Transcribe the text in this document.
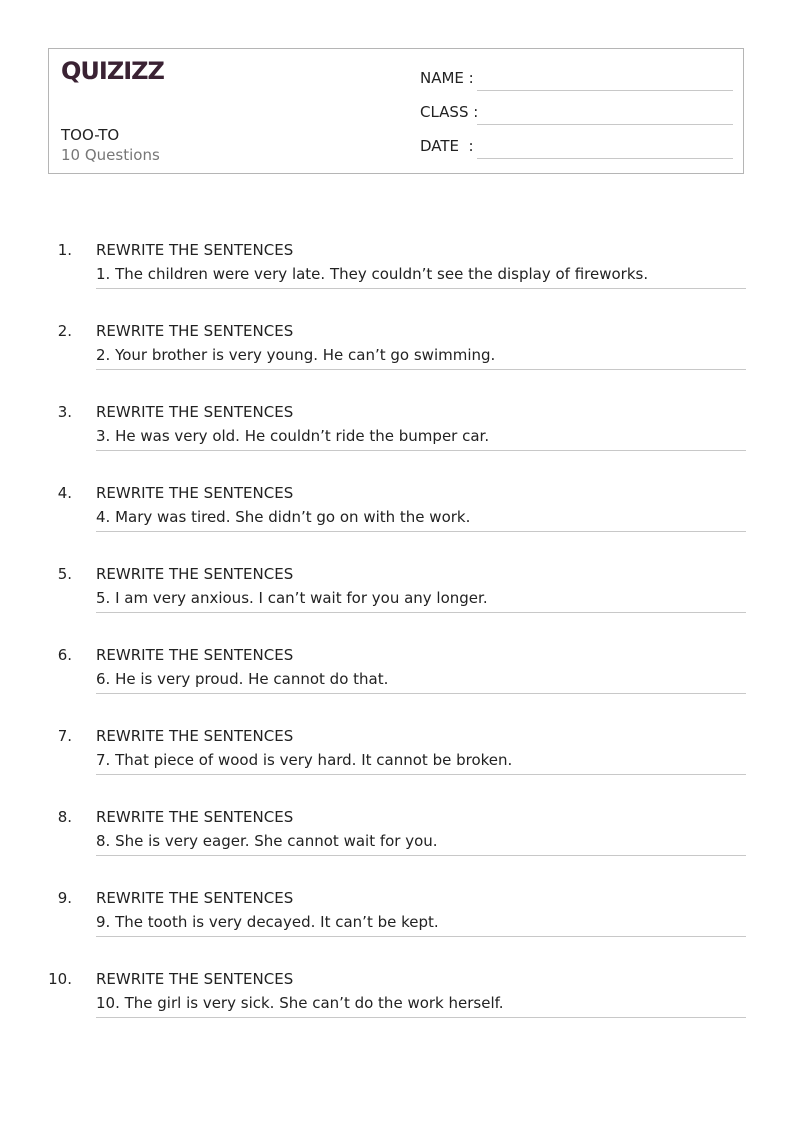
QUIZIZZ
TOO-TO
10 Questions
NAME :
CLASS :
DATE  :
1. REWRITE THE SENTENCES
1. The children were very late. They couldn’t see the display of fireworks.
2. REWRITE THE SENTENCES
2. Your brother is very young. He can’t go swimming.
3. REWRITE THE SENTENCES
3. He was very old. He couldn’t ride the bumper car.
4. REWRITE THE SENTENCES
4. Mary was tired. She didn’t go on with the work.
5. REWRITE THE SENTENCES
5. I am very anxious. I can’t wait for you any longer.
6. REWRITE THE SENTENCES
6. He is very proud. He cannot do that.
7. REWRITE THE SENTENCES
7. That piece of wood is very hard. It cannot be broken.
8. REWRITE THE SENTENCES
8. She is very eager. She cannot wait for you.
9. REWRITE THE SENTENCES
9. The tooth is very decayed. It can’t be kept.
10. REWRITE THE SENTENCES
10. The girl is very sick. She can’t do the work herself.
